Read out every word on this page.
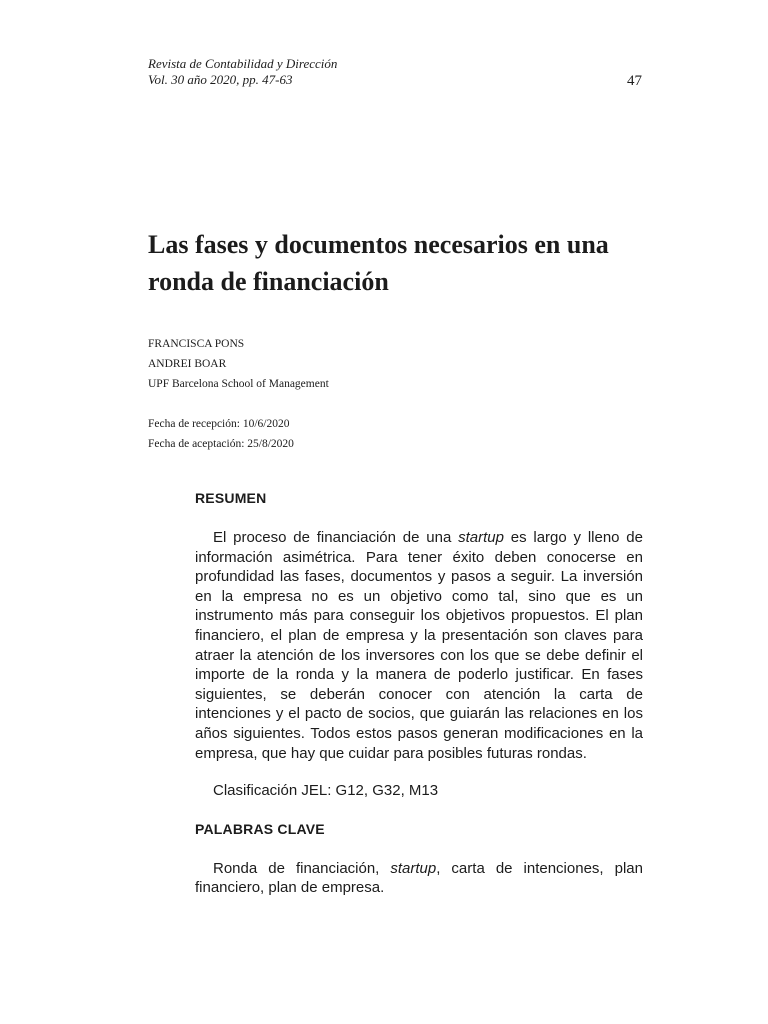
Revista de Contabilidad y Dirección
Vol. 30 año 2020, pp. 47-63	47
Las fases y documentos necesarios en una ronda de financiación
FRANCISCA PONS
ANDREI BOAR
UPF Barcelona School of Management
Fecha de recepción: 10/6/2020
Fecha de aceptación: 25/8/2020
RESUMEN

El proceso de financiación de una startup es largo y lleno de información asimétrica. Para tener éxito deben conocerse en profundidad las fases, documentos y pasos a seguir. La inversión en la empresa no es un objetivo como tal, sino que es un instrumento más para conseguir los objetivos propuestos. El plan financiero, el plan de empresa y la presentación son claves para atraer la atención de los inversores con los que se debe definir el importe de la ronda y la manera de poderlo justificar. En fases siguientes, se deberán conocer con atención la carta de intenciones y el pacto de socios, que guiarán las relaciones en los años siguientes. Todos estos pasos generan modificaciones en la empresa, que hay que cuidar para posibles futuras rondas.

Clasificación JEL: G12, G32, M13

PALABRAS CLAVE

Ronda de financiación, startup, carta de intenciones, plan financiero, plan de empresa.
